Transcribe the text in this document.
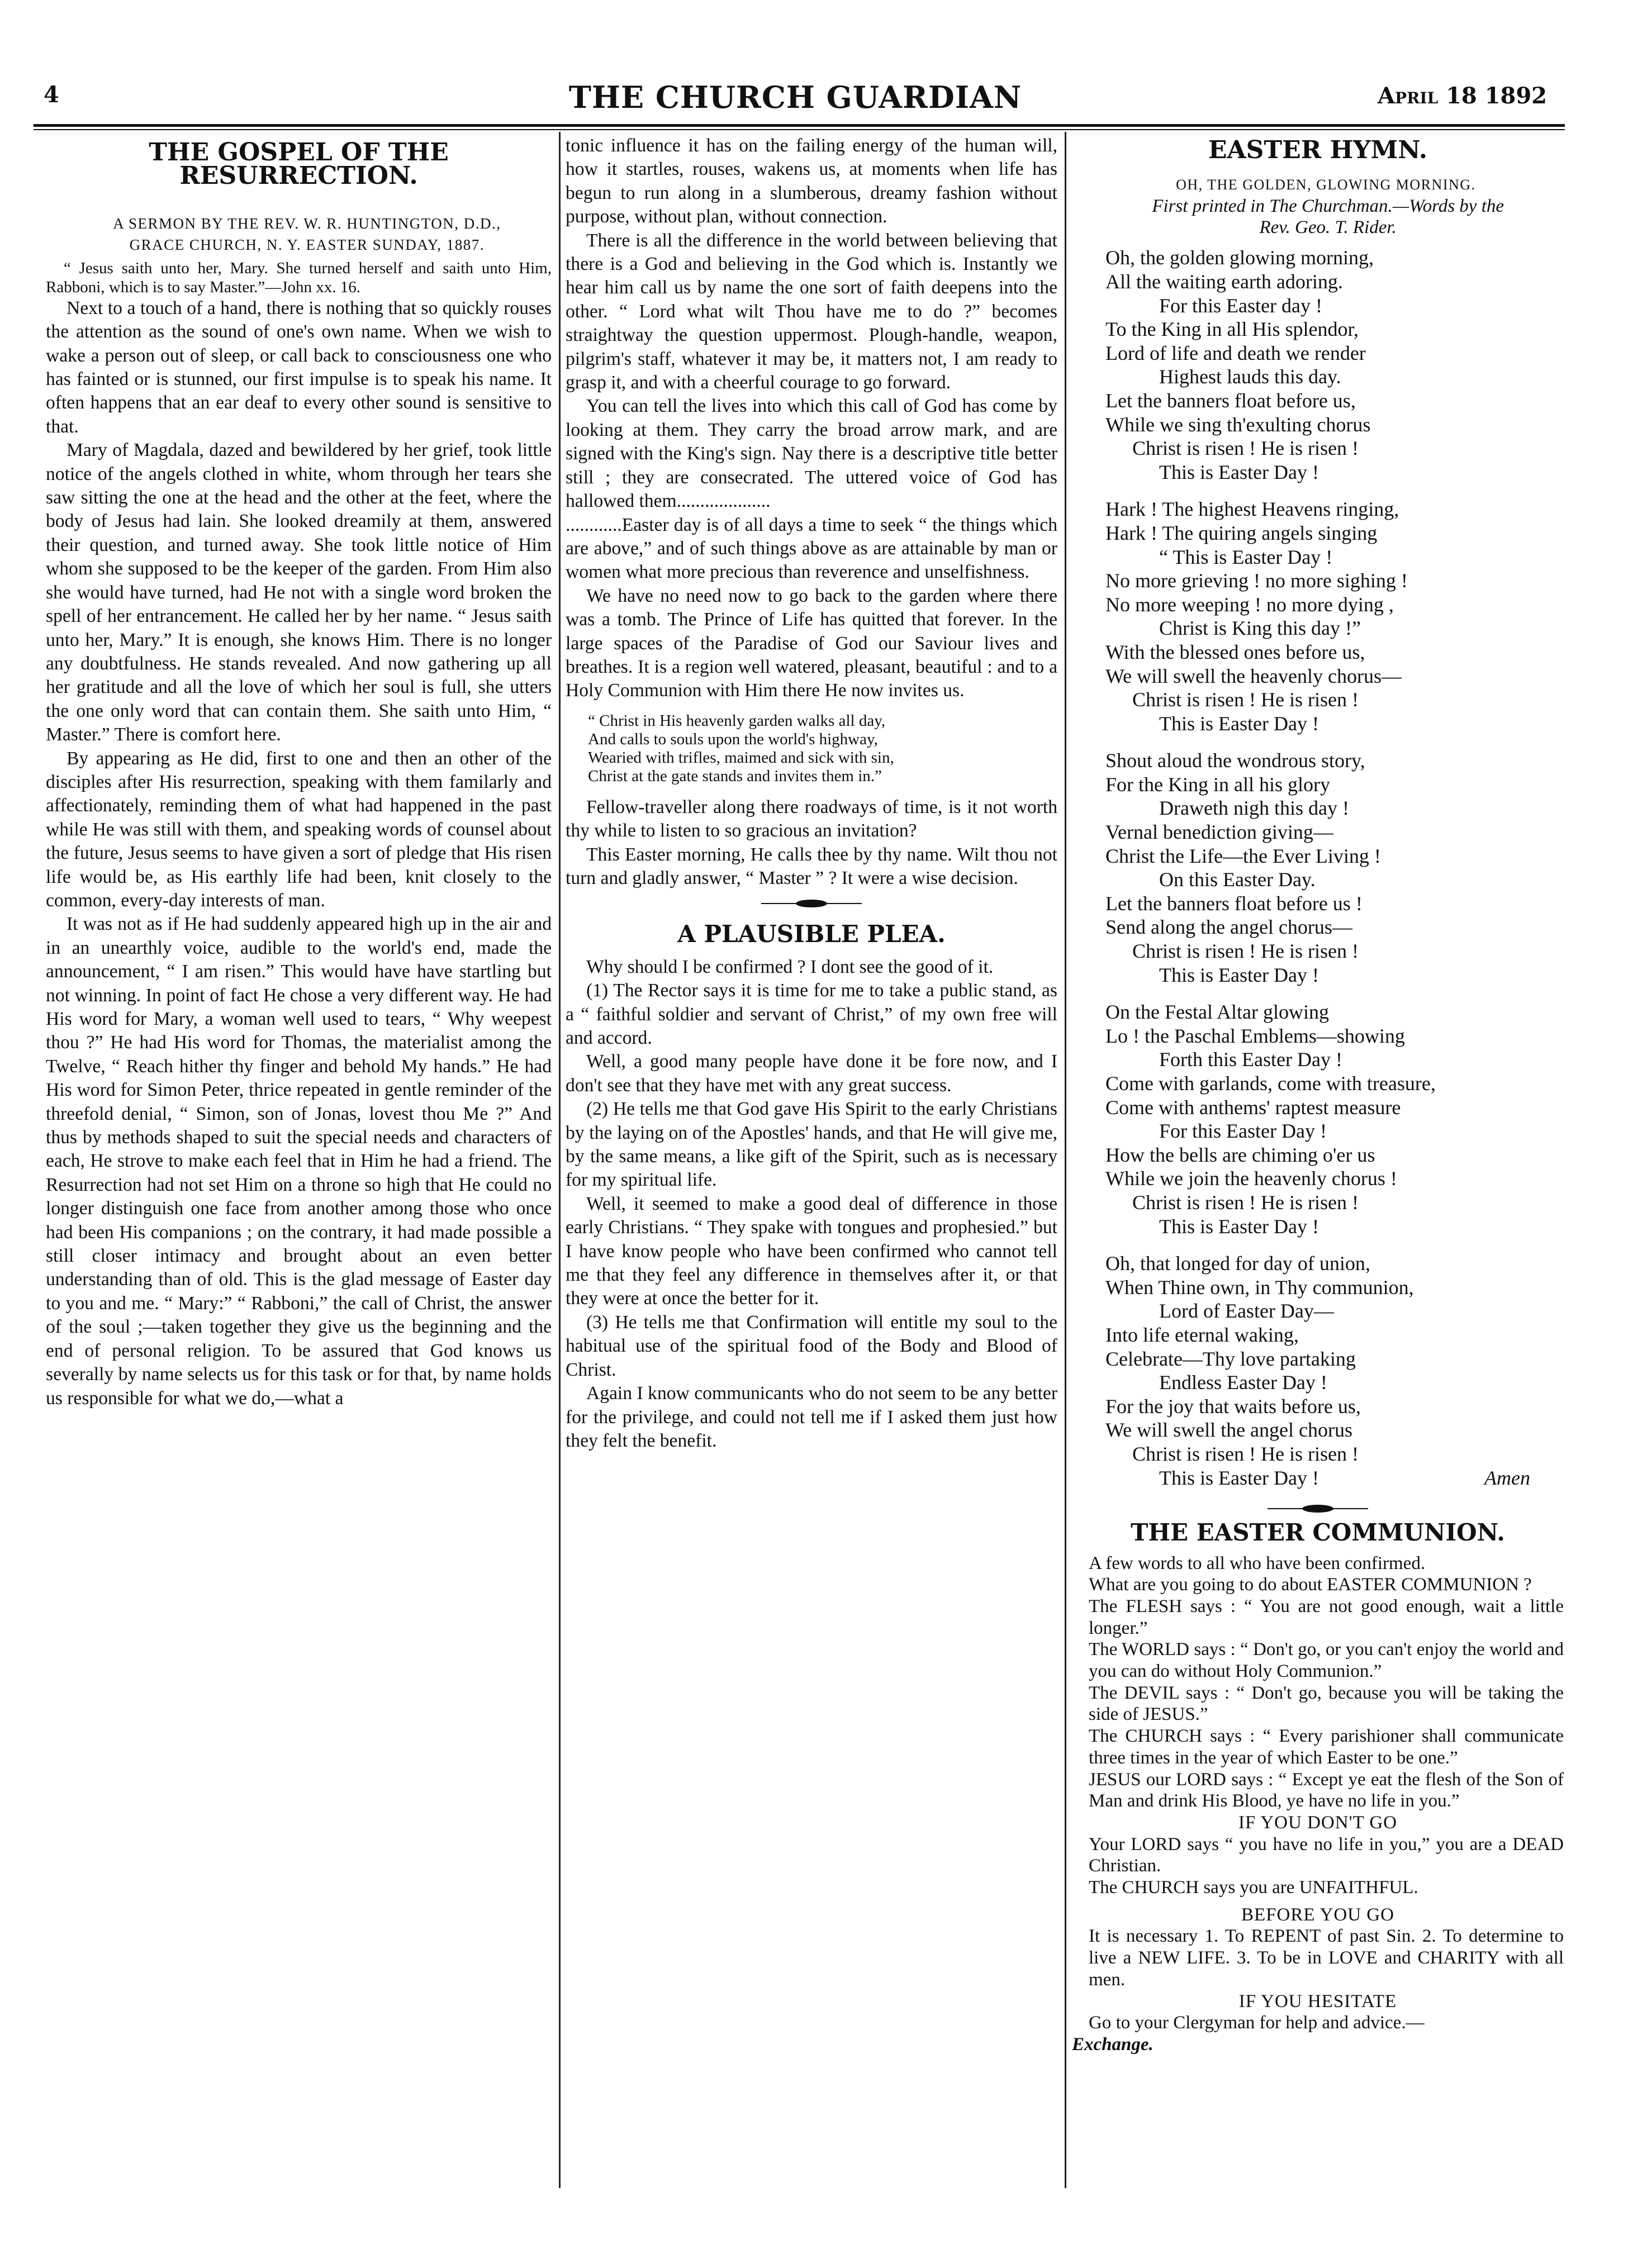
4	THE CHURCH GUARDIAN	April 18 1892
THE GOSPEL OF THE RESURRECTION.

A SERMON BY THE REV. W. R. HUNTINGTON, D.D.,

GRACE CHURCH, N. Y. EASTER SUNDAY, 1887.

“ Jesus saith unto her, Mary. She turned herself and saith unto Him, Rabboni, which is to say Master.”—John xx. 16.

Next to a touch of a hand, there is nothing that so quickly rouses the attention as the sound of one's own name. When we wish to wake a person out of sleep, or call back to consciousness one who has fainted or is stunned, our first impulse is to speak his name. It often happens that an ear deaf to every other sound is sensitive to that.

Mary of Magdala, dazed and bewildered by her grief, took little notice of the angels clothed in white, whom through her tears she saw sitting the one at the head and the other at the feet, where the body of Jesus had lain. She looked dreamily at them, answered their question, and turned away. She took little notice of Him whom she supposed to be the keeper of the garden. From Him also she would have turned, had He not with a single word broken the spell of her entrancement. He called her by her name. “ Jesus saith unto her, Mary.” It is enough, she knows Him. There is no longer any doubtfulness. He stands revealed. And now gathering up all her gratitude and all the love of which her soul is full, she utters the one only word that can contain them. She saith unto Him, “ Master.” There is comfort here.

By appearing as He did, first to one and then an other of the disciples after His resurrection, speaking with them familarly and affectionately, reminding them of what had happened in the past while He was still with them, and speaking words of counsel about the future, Jesus seems to have given a sort of pledge that His risen life would be, as His earthly life had been, knit closely to the common, every-day interests of man.

It was not as if He had suddenly appeared high up in the air and in an unearthly voice, audible to the world's end, made the announcement, “ I am risen.” This would have have startling but not winning. In point of fact He chose a very different way. He had His word for Mary, a woman well used to tears, “ Why weepest thou ?” He had His word for Thomas, the materialist among the Twelve, “ Reach hither thy finger and behold My hands.” He had His word for Simon Peter, thrice repeated in gentle reminder of the threefold denial, “ Simon, son of Jonas, lovest thou Me ?” And thus by methods shaped to suit the special needs and characters of each, He strove to make each feel that in Him he had a friend. The Resurrection had not set Him on a throne so high that He could no longer distinguish one face from another among those who once had been His companions ; on the contrary, it had made possible a still closer intimacy and brought about an even better understanding than of old. This is the glad message of Easter day to you and me. “ Mary:” “ Rabboni,” the call of Christ, the answer of the soul ;—taken together they give us the beginning and the end of personal religion. To be assured that God knows us severally by name selects us for this task or for that, by name holds us responsible for what we do,—what a

tonic influence it has on the failing energy of the human will, how it startles, rouses, wakens us, at moments when life has begun to run along in a slumberous, dreamy fashion without purpose, without plan, without connection.

There is all the difference in the world between believing that there is a God and believing in the God which is. Instantly we hear him call us by name the one sort of faith deepens into the other. “ Lord what wilt Thou have me to do ?” becomes straightway the question uppermost. Plough-handle, weapon, pilgrim's staff, whatever it may be, it matters not, I am ready to grasp it, and with a cheerful courage to go forward.

You can tell the lives into which this call of God has come by looking at them. They carry the broad arrow mark, and are signed with the King's sign. Nay there is a descriptive title better still ; they are consecrated. The uttered voice of God has hallowed them....................

............Easter day is of all days a time to seek “ the things which are above,” and of such things above as are attainable by man or women what more precious than reverence and unselfishness.

We have no need now to go back to the garden where there was a tomb. The Prince of Life has quitted that forever. In the large spaces of the Paradise of God our Saviour lives and breathes. It is a region well watered, pleasant, beautiful : and to a Holy Communion with Him there He now invites us.

“ Christ in His heavenly garden walks all day,
And calls to souls upon the world's highway,
Wearied with trifles, maimed and sick with sin,
Christ at the gate stands and invites them in.”

Fellow-traveller along there roadways of time, is it not worth thy while to listen to so gracious an invitation?

This Easter morning, He calls thee by thy name. Wilt thou not turn and gladly answer, “ Master ” ? It were a wise decision.

A PLAUSIBLE PLEA.

Why should I be confirmed ? I dont see the good of it.

(1) The Rector says it is time for me to take a public stand, as a “ faithful soldier and servant of Christ,” of my own free will and accord.

Well, a good many people have done it be fore now, and I don't see that they have met with any great success.

(2) He tells me that God gave His Spirit to the early Christians by the laying on of the Apostles' hands, and that He will give me, by the same means, a like gift of the Spirit, such as is necessary for my spiritual life.

Well, it seemed to make a good deal of difference in those early Christians. “ They spake with tongues and prophesied.” but I have know people who have been confirmed who cannot tell me that they feel any difference in themselves after it, or that they were at once the better for it.

(3) He tells me that Confirmation will entitle my soul to the habitual use of the spiritual food of the Body and Blood of Christ.

Again I know communicants who do not seem to be any better for the privilege, and could not tell me if I asked them just how they felt the benefit.

EASTER HYMN.

OH, THE GOLDEN, GLOWING MORNING.

First printed in The Churchman.—Words by the

Rev. Geo. T. Rider.

Oh, the golden glowing morning,
All the waiting earth adoring.
For this Easter day !
To the King in all His splendor,
Lord of life and death we render
Highest lauds this day.
Let the banners float before us,
While we sing th'exulting chorus
Christ is risen ! He is risen !
This is Easter Day !
Hark ! The highest Heavens ringing,
Hark ! The quiring angels singing
“ This is Easter Day !
No more grieving ! no more sighing !
No more weeping ! no more dying ,
Christ is King this day !”
With the blessed ones before us,
We will swell the heavenly chorus—
Christ is risen ! He is risen !
This is Easter Day !
Shout aloud the wondrous story,
For the King in all his glory
Draweth nigh this day !
Vernal benediction giving—
Christ the Life—the Ever Living !
On this Easter Day.
Let the banners float before us !
Send along the angel chorus—
Christ is risen ! He is risen !
This is Easter Day !
On the Festal Altar glowing
Lo ! the Paschal Emblems—showing
Forth this Easter Day !
Come with garlands, come with treasure,
Come with anthems' raptest measure
For this Easter Day !
How the bells are chiming o'er us
While we join the heavenly chorus !
Christ is risen ! He is risen !
This is Easter Day !
Oh, that longed for day of union,
When Thine own, in Thy communion,
Lord of Easter Day—
Into life eternal waking,
Celebrate—Thy love partaking
Endless Easter Day !
For the joy that waits before us,
We will swell the angel chorus
Christ is risen ! He is risen !
This is Easter Day !	Amen
THE EASTER COMMUNION.

A few words to all who have been confirmed.

What are you going to do about EASTER COMMUNION ?

The FLESH says : “ You are not good enough, wait a little longer.”

The WORLD says : “ Don't go, or you can't enjoy the world and you can do without Holy Communion.”

The DEVIL says : “ Don't go, because you will be taking the side of JESUS.”

The CHURCH says : “ Every parishioner shall communicate three times in the year of which Easter to be one.”

JESUS our LORD says : “ Except ye eat the flesh of the Son of Man and drink His Blood, ye have no life in you.”

IF YOU DON'T GO

Your LORD says “ you have no life in you,” you are a DEAD Christian.

The CHURCH says you are UNFAITHFUL.

BEFORE YOU GO

It is necessary 1. To REPENT of past Sin. 2. To determine to live a NEW LIFE. 3. To be in LOVE and CHARITY with all men.

IF YOU HESITATE

Go to your Clergyman for help and advice.—

Exchange.
